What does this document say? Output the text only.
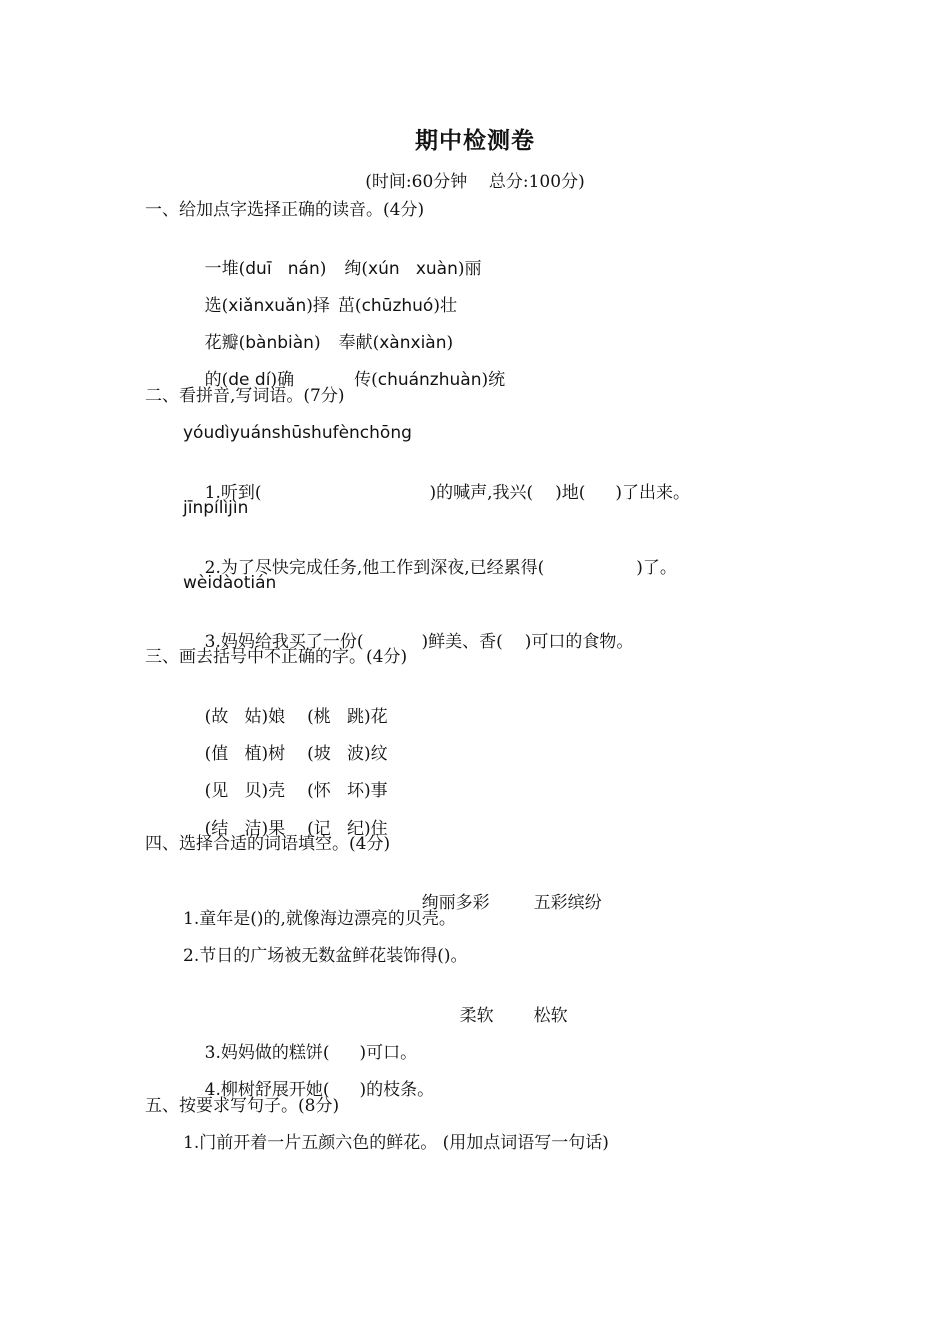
期中检测卷
(时间:60分钟    总分:100分)
一、给加点字选择正确的读音。(4分)

一堆(duī   nán) 绚(xún   xuàn)丽

选(xiǎnxuǎn)择 茁(chūzhuó)壮

花瓣(bànbiàn) 奉献(xànxiàn)

的(de dí)确	传(chuánzhuàn)统

二、看拼音,写词语。(7分)
yóudìyuánshūshufènchōng

1.听到(	)的喊声,我兴( )地( )了出来。

jīnpílìjìn

2.为了尽快完成任务,他工作到深夜,已经累得(	)了。

wèidàotián

3.妈妈给我买了一份(	)鲜美、香( )可口的食物。

三、画去括号中不正确的字。(4分)

(故   姑)娘 (桃   跳)花

(值   植)树 (坡   波)纹

(见   贝)壳 (怀   坏)事

(结   洁)果 (记   纪)住

四、选择合适的词语填空。(4分)

绚丽多彩	五彩缤纷

1.童年是()的,就像海边漂亮的贝壳。
2.节日的广场被无数盆鲜花装饰得()。

柔软 松软

3.妈妈做的糕饼( )可口。

4.柳树舒展开她( )的枝条。

五、按要求写句子。(8分)
1.门前开着一片五颜六色的鲜花。 (用加点词语写一句话)
